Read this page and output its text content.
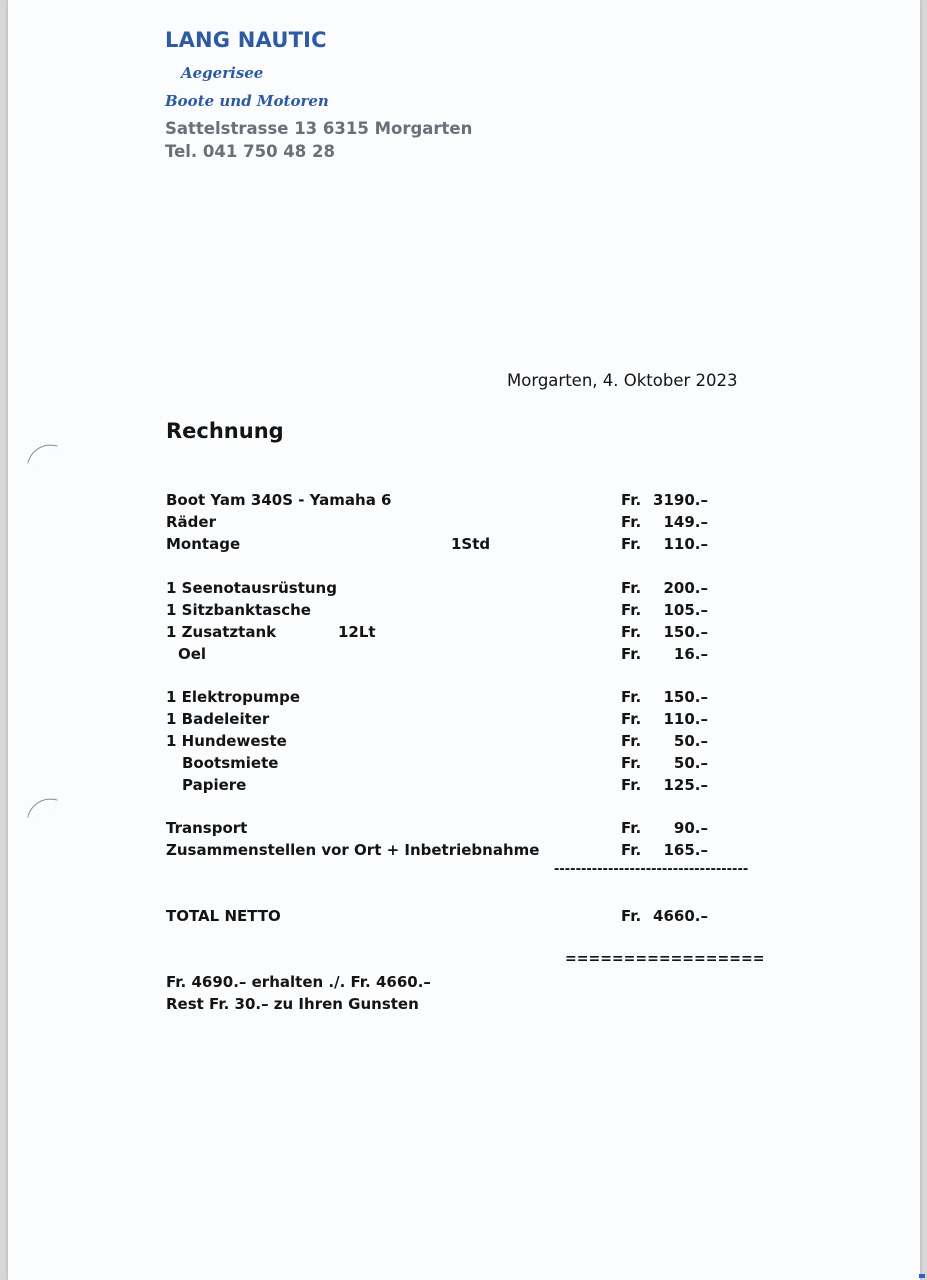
LANG NAUTIC
Aegerisee
Boote und Motoren
Sattelstrasse 13 6315 Morgarten
Tel. 041 750 48 28
Morgarten, 4. Oktober 2023
Rechnung
Boot Yam 340S - Yamaha 6	Fr. 3190.–
Räder	Fr. 149.–
Montage	1Std	Fr. 110.–
1 Seenotausrüstung	Fr. 200.–
1 Sitzbanktasche	Fr. 105.–
1 Zusatztank	12Lt	Fr. 150.–
Oel	Fr. 16.–
1 Elektropumpe	Fr. 150.–
1 Badeleiter	Fr. 110.–
1 Hundeweste	Fr. 50.–
Bootsmiete	Fr. 50.–
Papiere	Fr. 125.–
Transport	Fr. 90.–
Zusammenstellen vor Ort + Inbetriebnahme	Fr. 165.–
------------------------------------
TOTAL NETTO	Fr. 4660.–
=================
Fr. 4690.– erhalten ./. Fr. 4660.–
Rest Fr. 30.– zu Ihren Gunsten
